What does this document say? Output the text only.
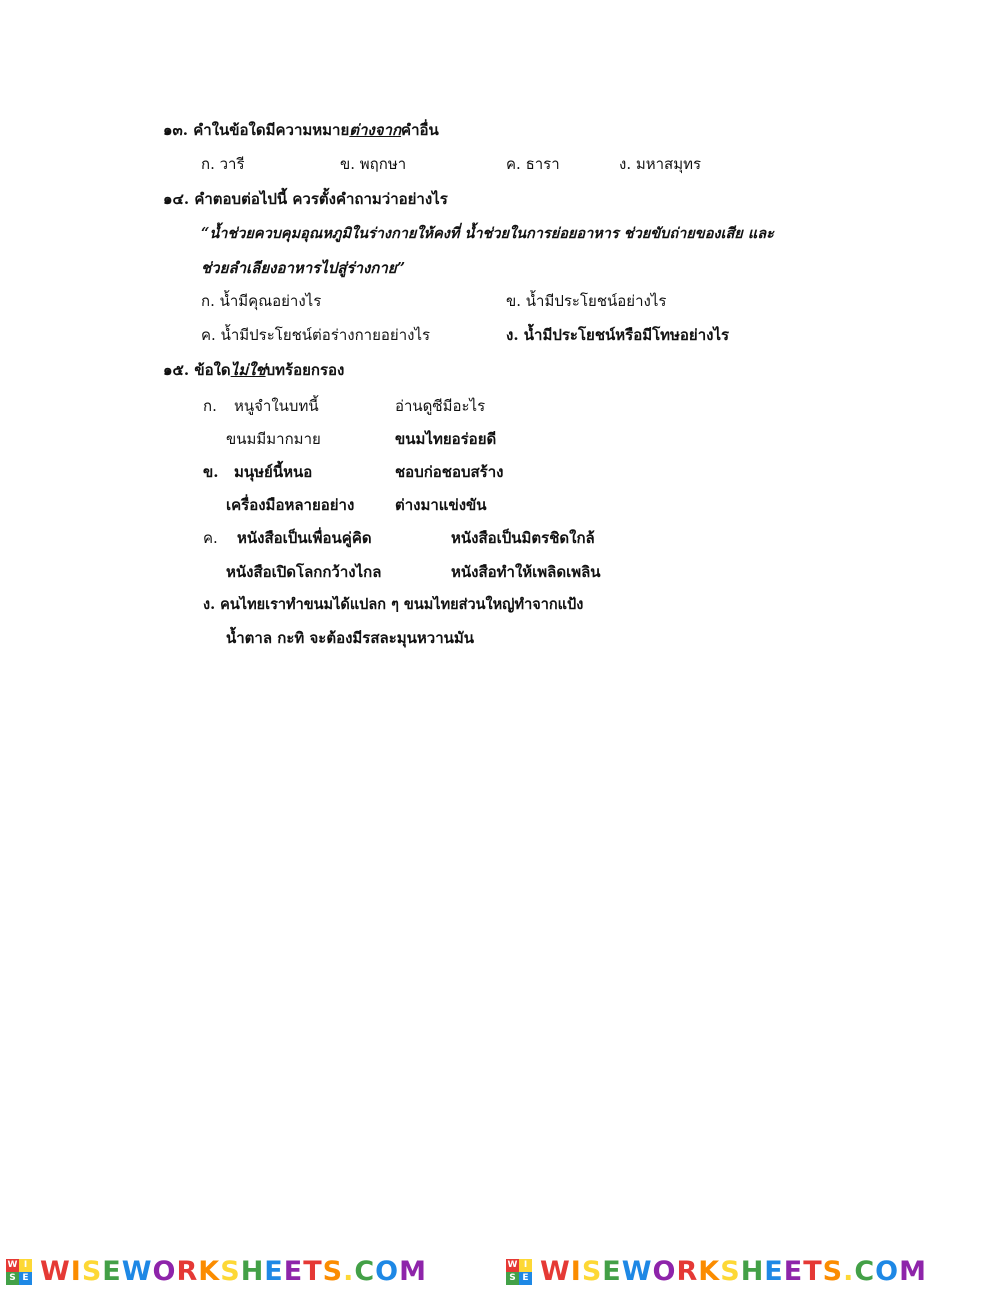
๑๓. คำในข้อใดมีความหมายต่างจากคำอื่น
ก. วารี	ข. พฤกษา	ค. ธารา	ง. มหาสมุทร
๑๔. คำตอบต่อไปนี้ ควรตั้งคำถามว่าอย่างไร
“น้ำช่วยควบคุมอุณหภูมิในร่างกายให้คงที่ น้ำช่วยในการย่อยอาหาร ช่วยขับถ่ายของเสีย และ
ช่วยลำเลียงอาหารไปสู่ร่างกาย”
ก. น้ำมีคุณอย่างไร	ข. น้ำมีประโยชน์อย่างไร
ค. น้ำมีประโยชน์ต่อร่างกายอย่างไร	ง. น้ำมีประโยชน์หรือมีโทษอย่างไร
๑๕. ข้อใดไม่ใช่บทร้อยกรอง
ก. หนูจำในบทนี้	อ่านดูซีมีอะไร
ขนมมีมากมาย	ขนมไทยอร่อยดี
ข. มนุษย์นี้หนอ	ชอบก่อชอบสร้าง
เครื่องมือหลายอย่าง	ต่างมาแข่งขัน
ค. หนังสือเป็นเพื่อนคู่คิด	หนังสือเป็นมิตรชิดใกล้
หนังสือเปิดโลกกว้างไกล	หนังสือทำให้เพลิดเพลิน
ง. คนไทยเราทำขนมได้แปลก ๆ ขนมไทยส่วนใหญ่ทำจากแป้ง
น้ำตาล กะทิ จะต้องมีรสละมุนหวานมัน
W I
S E WISEWORKSHEETS.COM	W I
S E WISEWORKSHEETS.COM
